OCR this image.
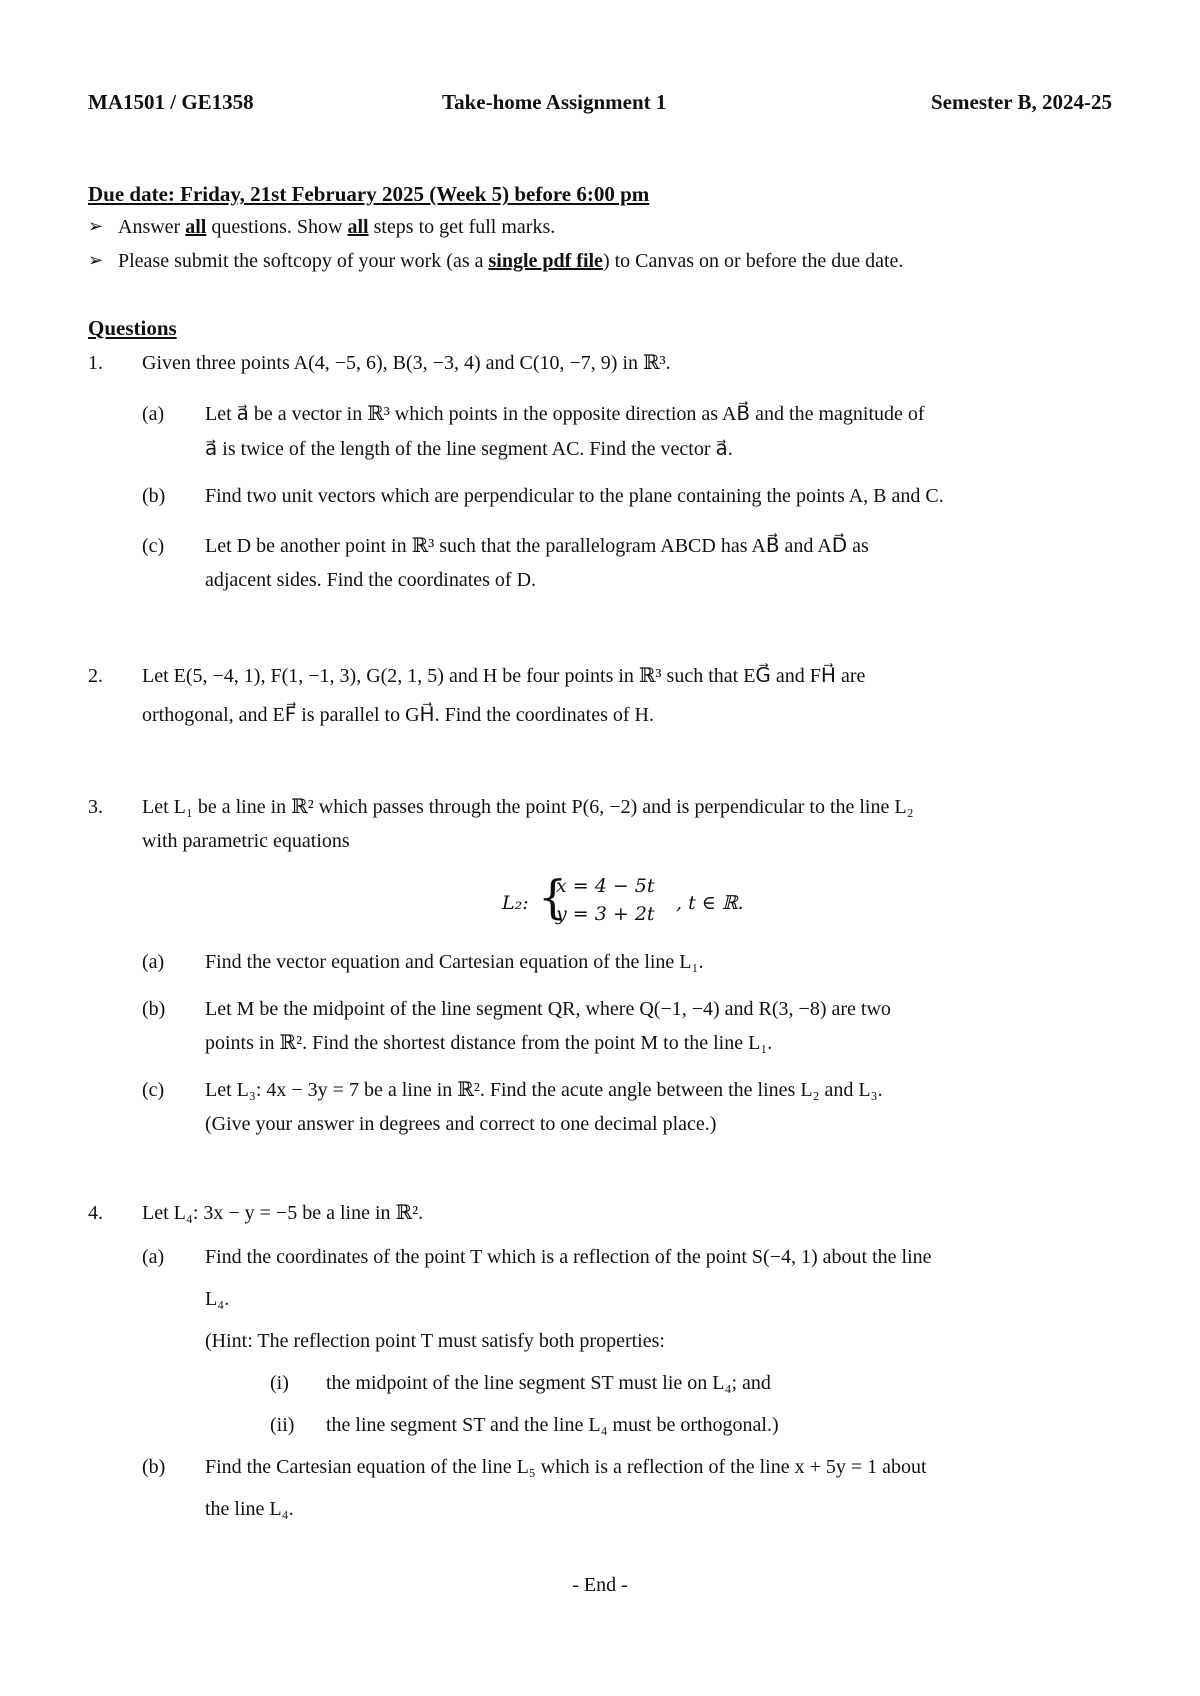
MA1501 / GE1358	Take-home Assignment 1	Semester B, 2024-25
Due date: Friday, 21st February 2025 (Week 5) before 6:00 pm
➢ Answer all questions. Show all steps to get full marks.
➢ Please submit the softcopy of your work (as a single pdf file) to Canvas on or before the due date.
Questions
1. Given three points A(4, −5, 6), B(3, −3, 4) and C(10, −7, 9) in ℝ³.
(a) Let a⃗ be a vector in ℝ³ which points in the opposite direction as AB⃗ and the magnitude of
a⃗ is twice of the length of the line segment AC. Find the vector a⃗.
(b) Find two unit vectors which are perpendicular to the plane containing the points A, B and C.
(c) Let D be another point in ℝ³ such that the parallelogram ABCD has AB⃗ and AD⃗ as
adjacent sides. Find the coordinates of D.
2. Let E(5, −4, 1), F(1, −1, 3), G(2, 1, 5) and H be four points in ℝ³ such that EG⃗ and FH⃗ are
orthogonal, and EF⃗ is parallel to GH⃗. Find the coordinates of H.
3. Let L₁ be a line in ℝ² which passes through the point P(6, −2) and is perpendicular to the line L₂
with parametric equations
L₂: {
x = 4 − 5t
y = 3 + 2t , t ∈ ℝ.
(a) Find the vector equation and Cartesian equation of the line L₁.
(b) Let M be the midpoint of the line segment QR, where Q(−1, −4) and R(3, −8) are two
points in ℝ². Find the shortest distance from the point M to the line L₁.
(c) Let L₃: 4x − 3y = 7 be a line in ℝ². Find the acute angle between the lines L₂ and L₃.
(Give your answer in degrees and correct to one decimal place.)
4. Let L₄: 3x − y = −5 be a line in ℝ².
(a) Find the coordinates of the point T which is a reflection of the point S(−4, 1) about the line
L₄.
(Hint: The reflection point T must satisfy both properties:
(i) the midpoint of the line segment ST must lie on L₄; and
(ii) the line segment ST and the line L₄ must be orthogonal.)
(b) Find the Cartesian equation of the line L₅ which is a reflection of the line x + 5y = 1 about
the line L₄.
- End -
